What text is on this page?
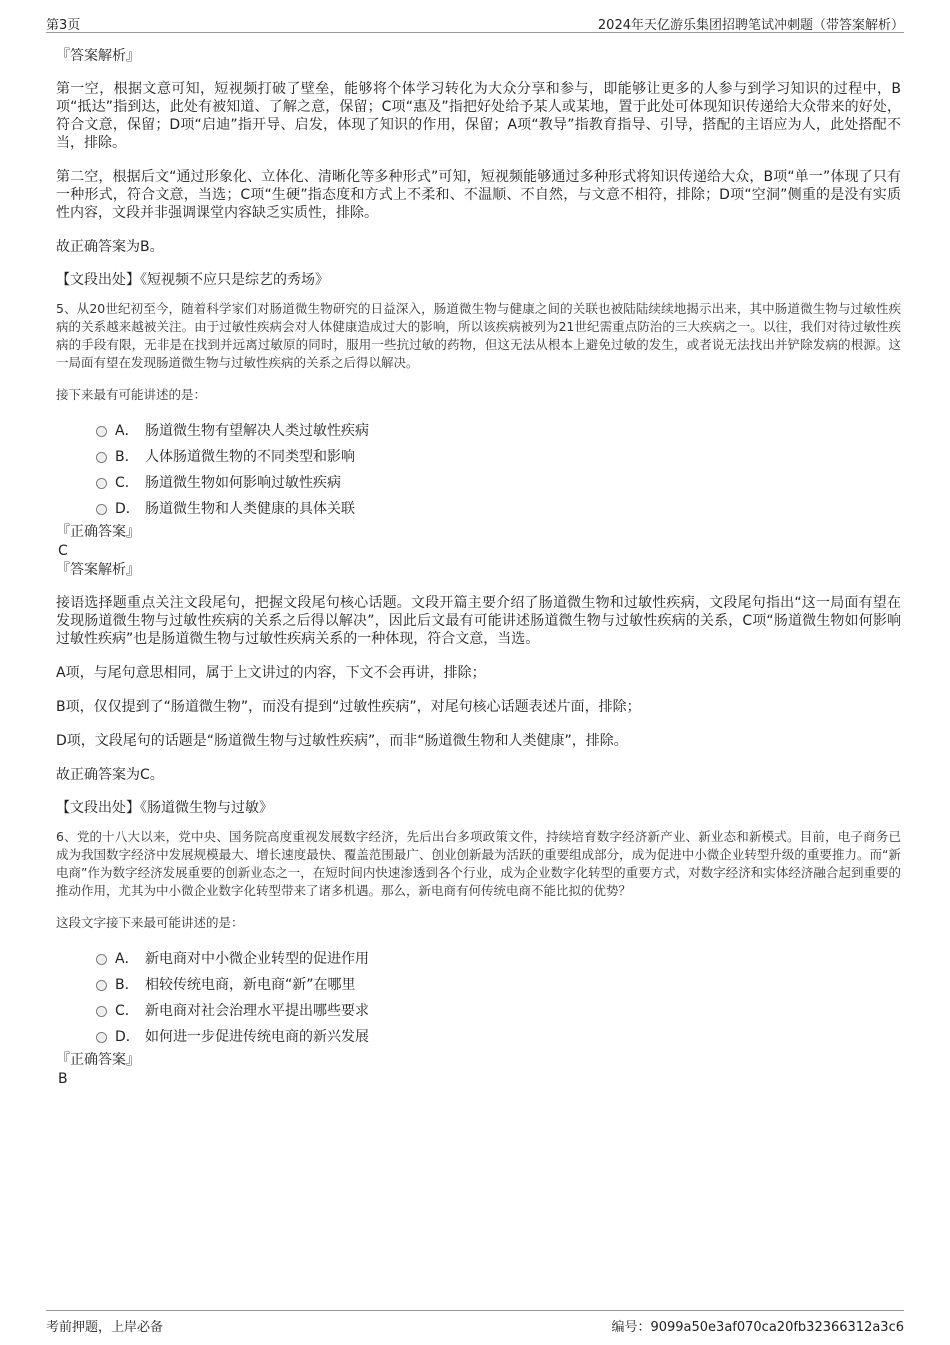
第3页	2024年天亿游乐集团招聘笔试冲刺题（带答案解析）

『答案解析』

第一空，根据文意可知，短视频打破了壁垒，能够将个体学习转化为大众分享和参与，即能够让更多的人参与到学习知识的过程中，B项“抵达”指到达，此处有被知道、了解之意，保留；C项“惠及”指把好处给予某人或某地，置于此处可体现知识传递给大众带来的好处，符合文意，保留；D项“启迪”指开导、启发，体现了知识的作用，保留；A项“教导”指教育指导、引导，搭配的主语应为人，此处搭配不当，排除。

第二空，根据后文“通过形象化、立体化、清晰化等多种形式”可知，短视频能够通过多种形式将知识传递给大众，B项“单一”体现了只有一种形式，符合文意，当选；C项“生硬”指态度和方式上不柔和、不温顺、不自然，与文意不相符，排除；D项“空洞”侧重的是没有实质性内容，文段并非强调课堂内容缺乏实质性，排除。

故正确答案为B。

【文段出处】《短视频不应只是综艺的秀场》

5、从20世纪初至今，随着科学家们对肠道微生物研究的日益深入，肠道微生物与健康之间的关联也被陆陆续续地揭示出来，其中肠道微生物与过敏性疾病的关系越来越被关注。由于过敏性疾病会对人体健康造成过大的影响，所以该疾病被列为21世纪需重点防治的三大疾病之一。以往，我们对待过敏性疾病的手段有限，无非是在找到并远离过敏原的同时，服用一些抗过敏的药物，但这无法从根本上避免过敏的发生，或者说无法找出并铲除发病的根源。这一局面有望在发现肠道微生物与过敏性疾病的关系之后得以解决。

接下来最有可能讲述的是：

A． 肠道微生物有望解决人类过敏性疾病
B． 人体肠道微生物的不同类型和影响
C． 肠道微生物如何影响过敏性疾病
D． 肠道微生物和人类健康的具体关联

『正确答案』

C

『答案解析』

接语选择题重点关注文段尾句，把握文段尾句核心话题。文段开篇主要介绍了肠道微生物和过敏性疾病，文段尾句指出“这一局面有望在发现肠道微生物与过敏性疾病的关系之后得以解决”，因此后文最有可能讲述肠道微生物与过敏性疾病的关系，C项“肠道微生物如何影响过敏性疾病”也是肠道微生物与过敏性疾病关系的一种体现，符合文意，当选。

A项，与尾句意思相同，属于上文讲过的内容，下文不会再讲，排除；

B项，仅仅提到了“肠道微生物”，而没有提到“过敏性疾病”，对尾句核心话题表述片面，排除；

D项，文段尾句的话题是“肠道微生物与过敏性疾病”，而非“肠道微生物和人类健康”，排除。

故正确答案为C。

【文段出处】《肠道微生物与过敏》

6、党的十八大以来，党中央、国务院高度重视发展数字经济，先后出台多项政策文件，持续培育数字经济新产业、新业态和新模式。目前，电子商务已成为我国数字经济中发展规模最大、增长速度最快、覆盖范围最广、创业创新最为活跃的重要组成部分，成为促进中小微企业转型升级的重要推力。而“新电商”作为数字经济发展重要的创新业态之一，在短时间内快速渗透到各个行业，成为企业数字化转型的重要方式，对数字经济和实体经济融合起到重要的推动作用，尤其为中小微企业数字化转型带来了诸多机遇。那么，新电商有何传统电商不能比拟的优势？

这段文字接下来最可能讲述的是：

A． 新电商对中小微企业转型的促进作用
B． 相较传统电商，新电商“新”在哪里
C． 新电商对社会治理水平提出哪些要求
D． 如何进一步促进传统电商的新兴发展

『正确答案』

B

考前押题，上岸必备	编号：9099a50e3af070ca20fb32366312a3c6
